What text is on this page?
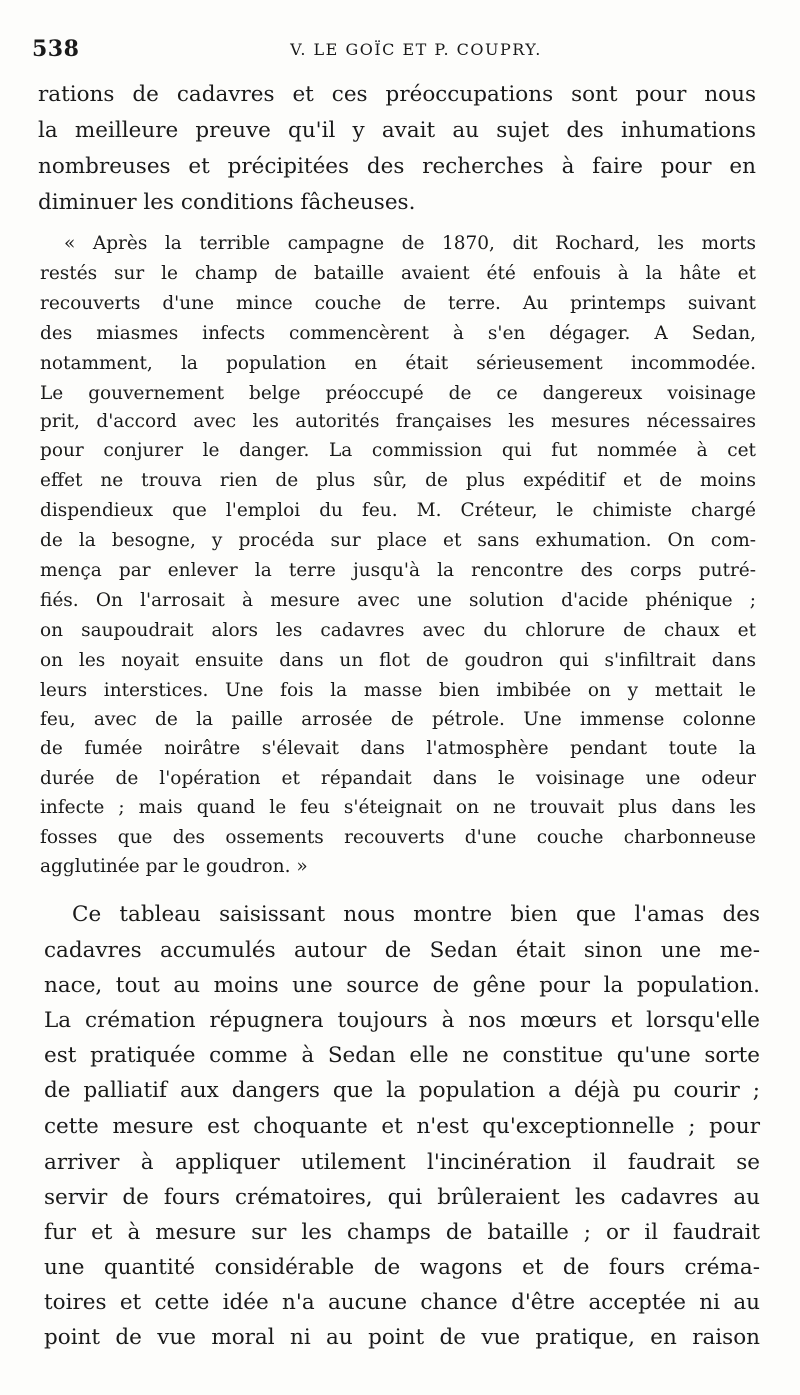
538	V. LE GOÏC ET P. COUPRY.
rations de cadavres et ces préoccupations sont pour nous
la meilleure preuve qu'il y avait au sujet des inhumations
nombreuses et précipitées des recherches à faire pour en
diminuer les conditions fâcheuses.
« Après la terrible campagne de 1870, dit Rochard, les morts
restés sur le champ de bataille avaient été enfouis à la hâte et
recouverts d'une mince couche de terre. Au printemps suivant
des miasmes infects commencèrent à s'en dégager. A Sedan,
notamment, la population en était sérieusement incommodée.
Le gouvernement belge préoccupé de ce dangereux voisinage
prit, d'accord avec les autorités françaises les mesures nécessaires
pour conjurer le danger. La commission qui fut nommée à cet
effet ne trouva rien de plus sûr, de plus expéditif et de moins
dispendieux que l'emploi du feu. M. Créteur, le chimiste chargé
de la besogne, y procéda sur place et sans exhumation. On com-
mença par enlever la terre jusqu'à la rencontre des corps putré-
fiés. On l'arrosait à mesure avec une solution d'acide phénique ;
on saupoudrait alors les cadavres avec du chlorure de chaux et
on les noyait ensuite dans un flot de goudron qui s'infiltrait dans
leurs interstices. Une fois la masse bien imbibée on y mettait le
feu, avec de la paille arrosée de pétrole. Une immense colonne
de fumée noirâtre s'élevait dans l'atmosphère pendant toute la
durée de l'opération et répandait dans le voisinage une odeur
infecte ; mais quand le feu s'éteignait on ne trouvait plus dans les
fosses que des ossements recouverts d'une couche charbonneuse
agglutinée par le goudron. »
Ce tableau saisissant nous montre bien que l'amas des
cadavres accumulés autour de Sedan était sinon une me-
nace, tout au moins une source de gêne pour la population.
La crémation répugnera toujours à nos mœurs et lorsqu'elle
est pratiquée comme à Sedan elle ne constitue qu'une sorte
de palliatif aux dangers que la population a déjà pu courir ;
cette mesure est choquante et n'est qu'exceptionnelle ; pour
arriver à appliquer utilement l'incinération il faudrait se
servir de fours crématoires, qui brûleraient les cadavres au
fur et à mesure sur les champs de bataille ; or il faudrait
une quantité considérable de wagons et de fours créma-
toires et cette idée n'a aucune chance d'être acceptée ni au
point de vue moral ni au point de vue pratique, en raison
